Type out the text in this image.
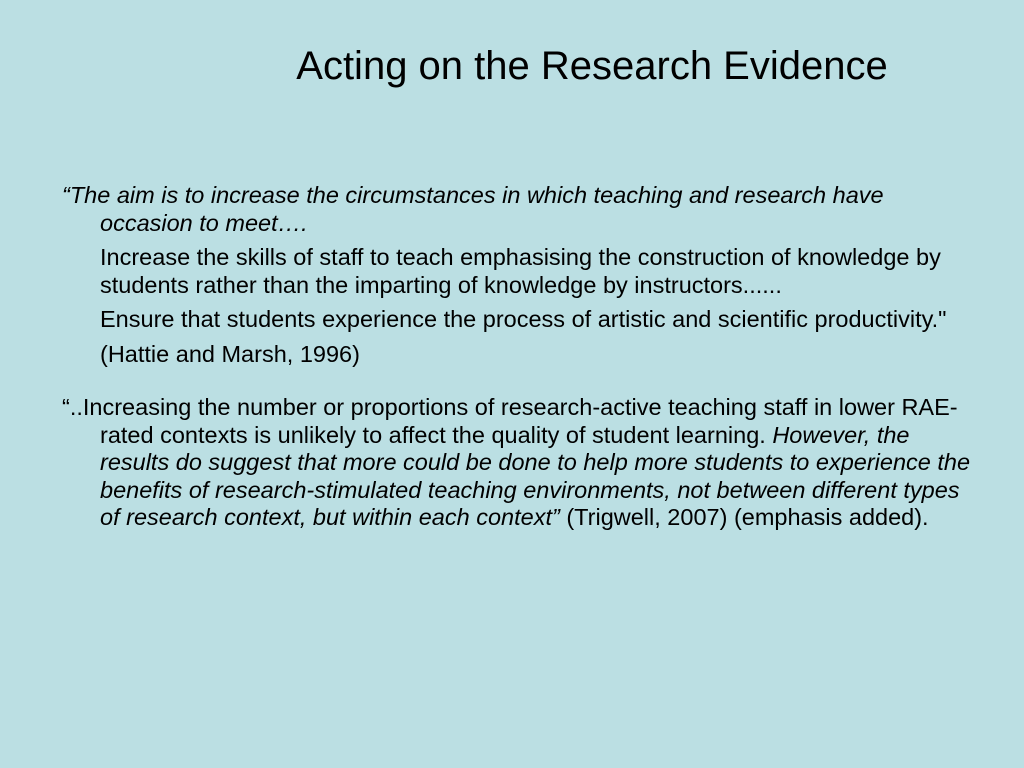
Acting on the Research Evidence
“The aim is to increase the circumstances in which teaching and research have occasion to meet….
Increase the skills of staff to teach emphasising the construction of knowledge by students rather than the imparting of knowledge by instructors......
Ensure that students experience the process of artistic and scientific productivity."
(Hattie and Marsh, 1996)
“..Increasing the number or proportions of research-active teaching staff in lower RAE-rated contexts is unlikely to affect the quality of student learning. However, the results do suggest that more could be done to help more students to experience the benefits of research-stimulated teaching environments, not between different types of research context, but within each context” (Trigwell, 2007) (emphasis added).
